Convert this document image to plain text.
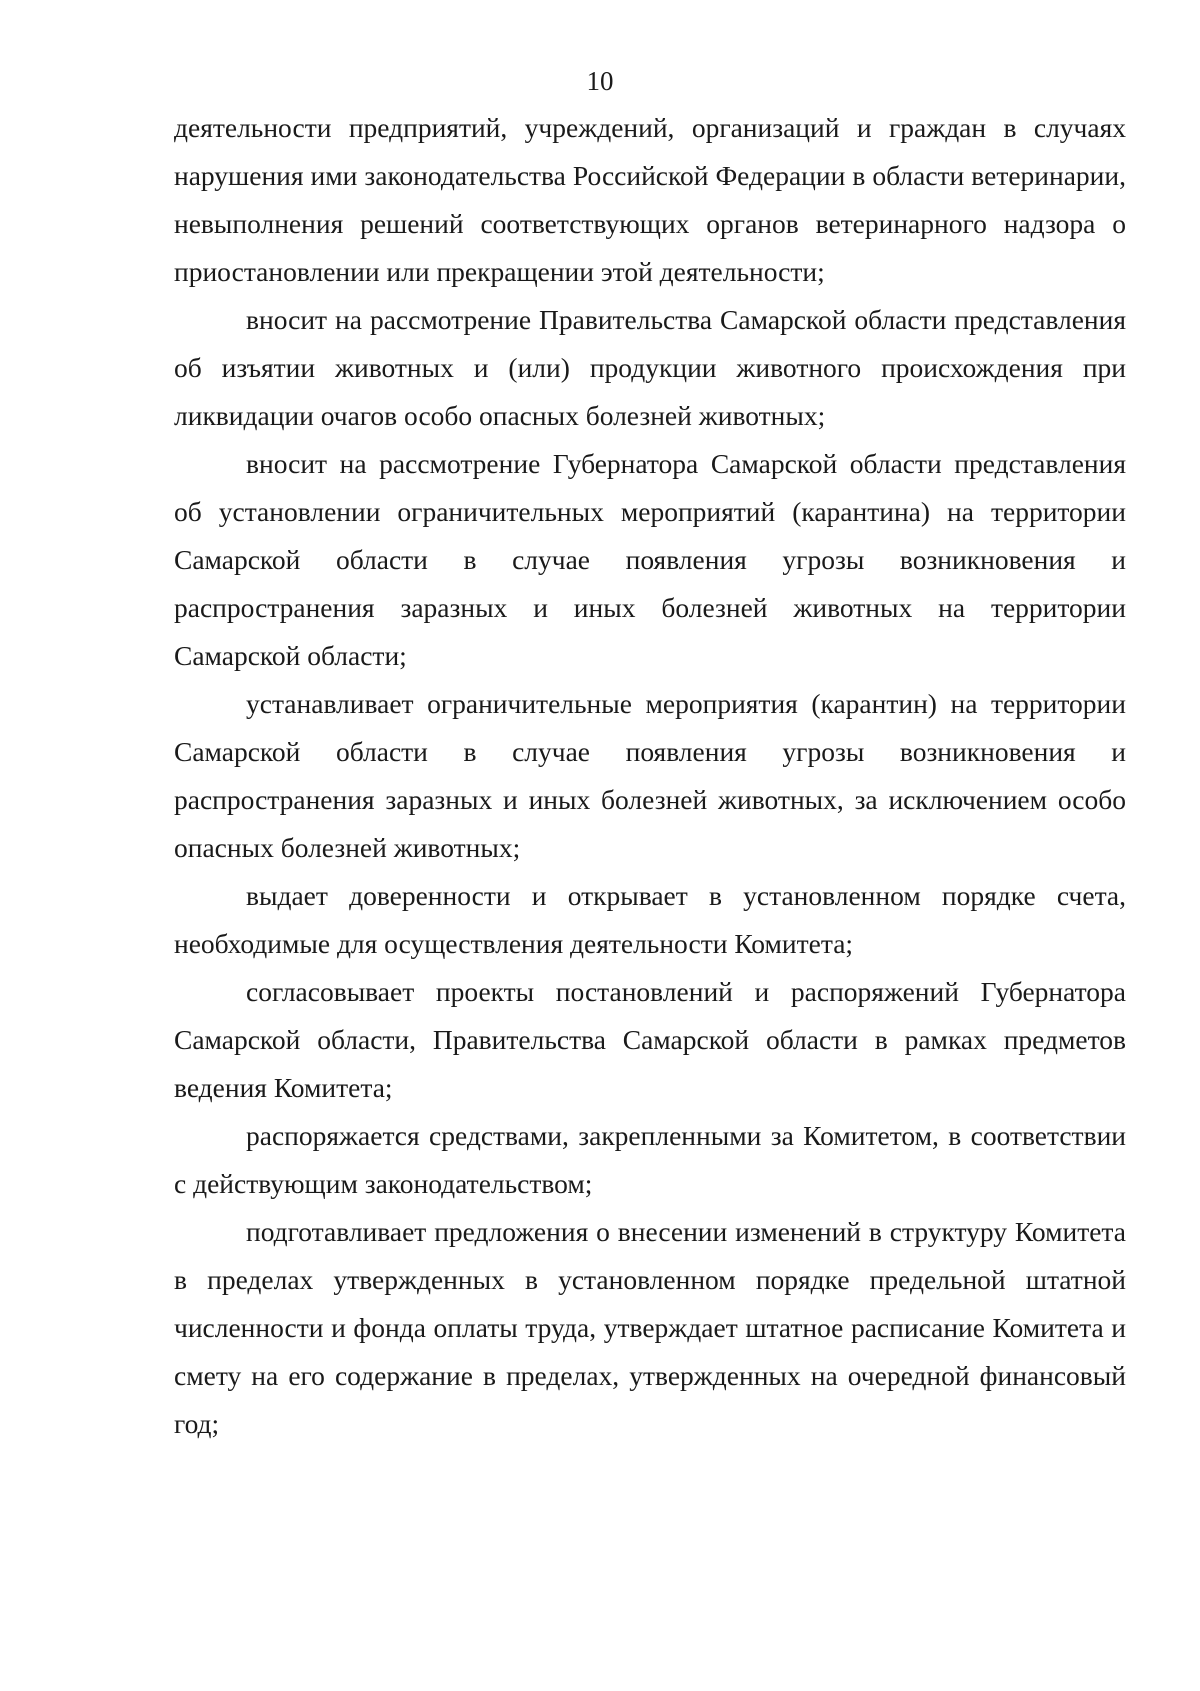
10

деятельности предприятий, учреждений, организаций и граждан в случаях нарушения ими законодательства Российской Федерации в области ветеринарии, невыполнения решений соответствующих органов ветеринарного надзора о приостановлении или прекращении этой деятельности;

вносит на рассмотрение Правительства Самарской области представления об изъятии животных и (или) продукции животного происхождения при ликвидации очагов особо опасных болезней животных;

вносит на рассмотрение Губернатора Самарской области представления об установлении ограничительных мероприятий (карантина) на территории Самарской области в случае появления угрозы возникновения и распространения заразных и иных болезней животных на территории Самарской области;

устанавливает ограничительные мероприятия (карантин) на территории Самарской области в случае появления угрозы возникновения и распространения заразных и иных болезней животных, за исключением особо опасных болезней животных;

выдает доверенности и открывает в установленном порядке счета, необходимые для осуществления деятельности Комитета;

согласовывает проекты постановлений и распоряжений Губернатора Самарской области, Правительства Самарской области в рамках предметов ведения Комитета;

распоряжается средствами, закрепленными за Комитетом, в соответствии с действующим законодательством;

подготавливает предложения о внесении изменений в структуру Комитета в пределах утвержденных в установленном порядке предельной штатной численности и фонда оплаты труда, утверждает штатное расписание Комитета и смету на его содержание в пределах, утвержденных на очередной финансовый год;
